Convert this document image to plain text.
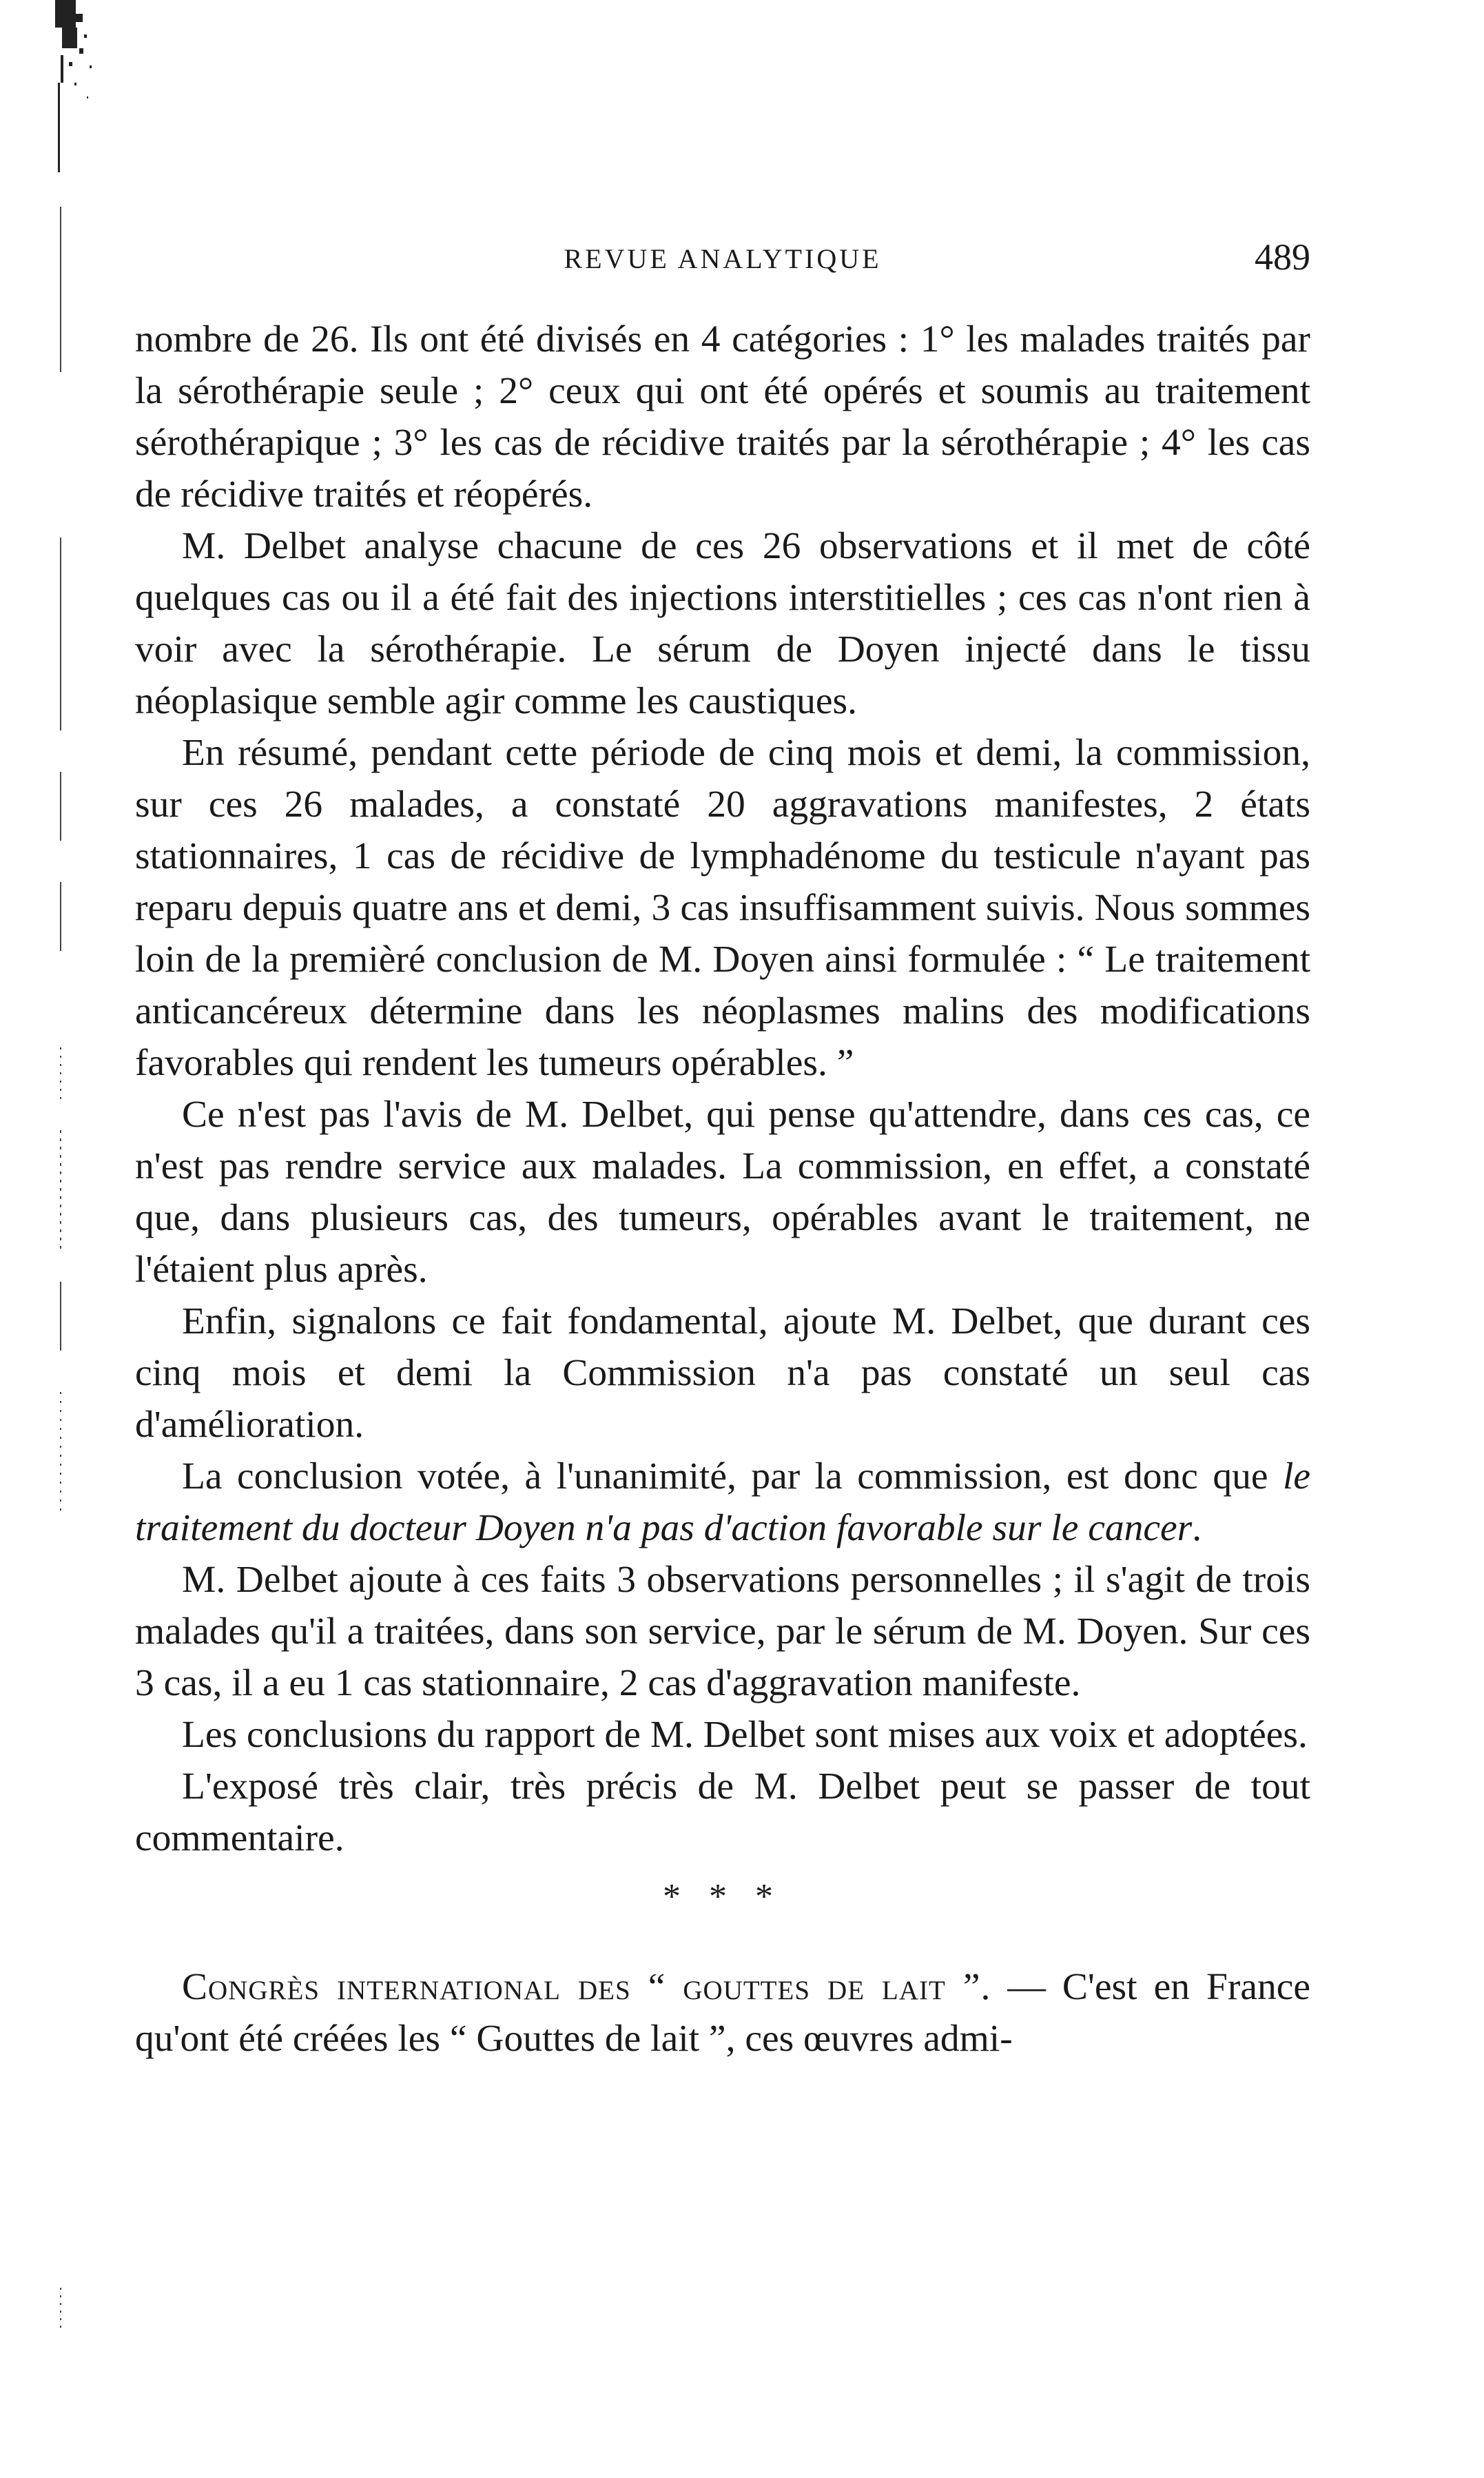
REVUE ANALYTIQUE	489

nombre de 26. Ils ont été divisés en 4 catégories : 1° les malades traités par la sérothérapie seule ; 2° ceux qui ont été opérés et soumis au traitement sérothérapique ; 3° les cas de récidive traités par la sérothérapie ; 4° les cas de récidive traités et réopérés.

M. Delbet analyse chacune de ces 26 observations et il met de côté quelques cas ou il a été fait des injections interstitielles ; ces cas n'ont rien à voir avec la sérothérapie. Le sérum de Doyen injecté dans le tissu néoplasique semble agir comme les caustiques.

En résumé, pendant cette période de cinq mois et demi, la commission, sur ces 26 malades, a constaté 20 aggravations manifestes, 2 états stationnaires, 1 cas de récidive de lymphadénome du testicule n'ayant pas reparu depuis quatre ans et demi, 3 cas insuffisamment suivis. Nous sommes loin de la premièré conclusion de M. Doyen ainsi formulée : “ Le traitement anticancéreux détermine dans les néoplasmes malins des modifications favorables qui rendent les tumeurs opérables. ”

Ce n'est pas l'avis de M. Delbet, qui pense qu'attendre, dans ces cas, ce n'est pas rendre service aux malades. La commission, en effet, a constaté que, dans plusieurs cas, des tumeurs, opérables avant le traitement, ne l'étaient plus après.

Enfin, signalons ce fait fondamental, ajoute M. Delbet, que durant ces cinq mois et demi la Commission n'a pas constaté un seul cas d'amélioration.

La conclusion votée, à l'unanimité, par la commission, est donc que le traitement du docteur Doyen n'a pas d'action favorable sur le cancer.

M. Delbet ajoute à ces faits 3 observations personnelles ; il s'agit de trois malades qu'il a traitées, dans son service, par le sérum de M. Doyen. Sur ces 3 cas, il a eu 1 cas stationnaire, 2 cas d'aggravation manifeste.

Les conclusions du rapport de M. Delbet sont mises aux voix et adoptées.

L'exposé très clair, très précis de M. Delbet peut se passer de tout commentaire.

* * *

Congrès international des “ gouttes de lait ”. — C'est en France qu'ont été créées les “ Gouttes de lait ”, ces œuvres admi-
